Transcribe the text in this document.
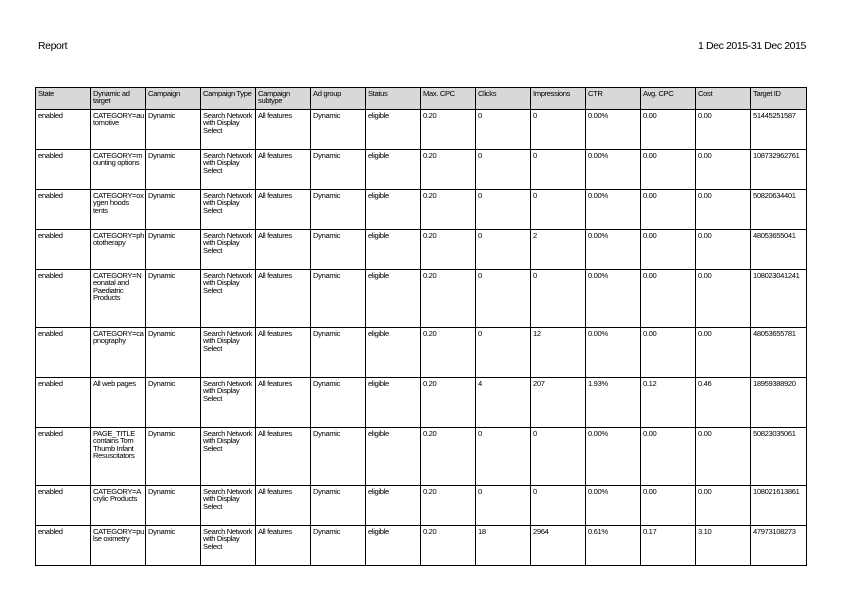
Report	1 Dec 2015-31 Dec 2015
State	Dynamic ad target	Campaign	Campaign Type	Campaign subtype	Ad group	Status	Max. CPC	Clicks	Impressions	CTR	Avg. CPC	Cost	Target ID
enabled	CATEGORY=automotive	Dynamic	Search Network with Display Select	All features	Dynamic	eligible	0.20	0	0	0.00%	0.00	0.00	51445251587
enabled	CATEGORY=mounting options	Dynamic	Search Network with Display Select	All features	Dynamic	eligible	0.20	0	0	0.00%	0.00	0.00	108732962761
enabled	CATEGORY=oxygen hoods tents	Dynamic	Search Network with Display Select	All features	Dynamic	eligible	0.20	0	0	0.00%	0.00	0.00	50820634401
enabled	CATEGORY=phototherapy	Dynamic	Search Network with Display Select	All features	Dynamic	eligible	0.20	0	2	0.00%	0.00	0.00	48053655041
enabled	CATEGORY=Neonatal and Paediatric Products	Dynamic	Search Network with Display Select	All features	Dynamic	eligible	0.20	0	0	0.00%	0.00	0.00	108023041241
enabled	CATEGORY=capnography	Dynamic	Search Network with Display Select	All features	Dynamic	eligible	0.20	0	12	0.00%	0.00	0.00	48053655781
enabled	All web pages	Dynamic	Search Network with Display Select	All features	Dynamic	eligible	0.20	4	207	1.93%	0.12	0.46	18959388920
enabled	PAGE_TITLE contains Tom Thumb Infant Resuscitators	Dynamic	Search Network with Display Select	All features	Dynamic	eligible	0.20	0	0	0.00%	0.00	0.00	50823035061
enabled	CATEGORY=Acrylic Products	Dynamic	Search Network with Display Select	All features	Dynamic	eligible	0.20	0	0	0.00%	0.00	0.00	108021613861
enabled	CATEGORY=pulse oximetry	Dynamic	Search Network with Display Select	All features	Dynamic	eligible	0.20	18	2964	0.61%	0.17	3.10	47973108273
